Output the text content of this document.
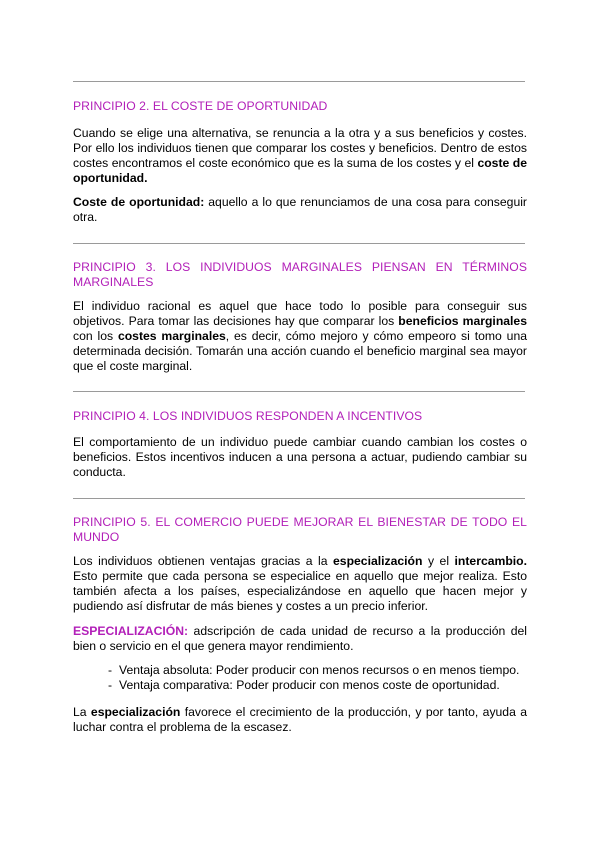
PRINCIPIO 2. EL COSTE DE OPORTUNIDAD

Cuando se elige una alternativa, se renuncia a la otra y a sus beneficios y costes. Por ello los individuos tienen que comparar los costes y beneficios. Dentro de estos costes encontramos el coste económico que es la suma de los costes y el coste de oportunidad.

Coste de oportunidad: aquello a lo que renunciamos de una cosa para conseguir otra.

PRINCIPIO 3. LOS INDIVIDUOS MARGINALES PIENSAN EN TÉRMINOS MARGINALES

El individuo racional es aquel que hace todo lo posible para conseguir sus objetivos. Para tomar las decisiones hay que comparar los beneficios marginales con los costes marginales, es decir, cómo mejoro y cómo empeoro si tomo una determinada decisión. Tomarán una acción cuando el beneficio marginal sea mayor que el coste marginal.

PRINCIPIO 4. LOS INDIVIDUOS RESPONDEN A INCENTIVOS

El comportamiento de un individuo puede cambiar cuando cambian los costes o beneficios. Estos incentivos inducen a una persona a actuar, pudiendo cambiar su conducta.

PRINCIPIO 5. EL COMERCIO PUEDE MEJORAR EL BIENESTAR DE TODO EL MUNDO

Los individuos obtienen ventajas gracias a la especialización y el intercambio. Esto permite que cada persona se especialice en aquello que mejor realiza. Esto también afecta a los países, especializándose en aquello que hacen mejor y pudiendo así disfrutar de más bienes y costes a un precio inferior.

ESPECIALIZACIÓN: adscripción de cada unidad de recurso a la producción del bien o servicio en el que genera mayor rendimiento.

- Ventaja absoluta: Poder producir con menos recursos o en menos tiempo.
- Ventaja comparativa: Poder producir con menos coste de oportunidad.

La especialización favorece el crecimiento de la producción, y por tanto, ayuda a luchar contra el problema de la escasez.
